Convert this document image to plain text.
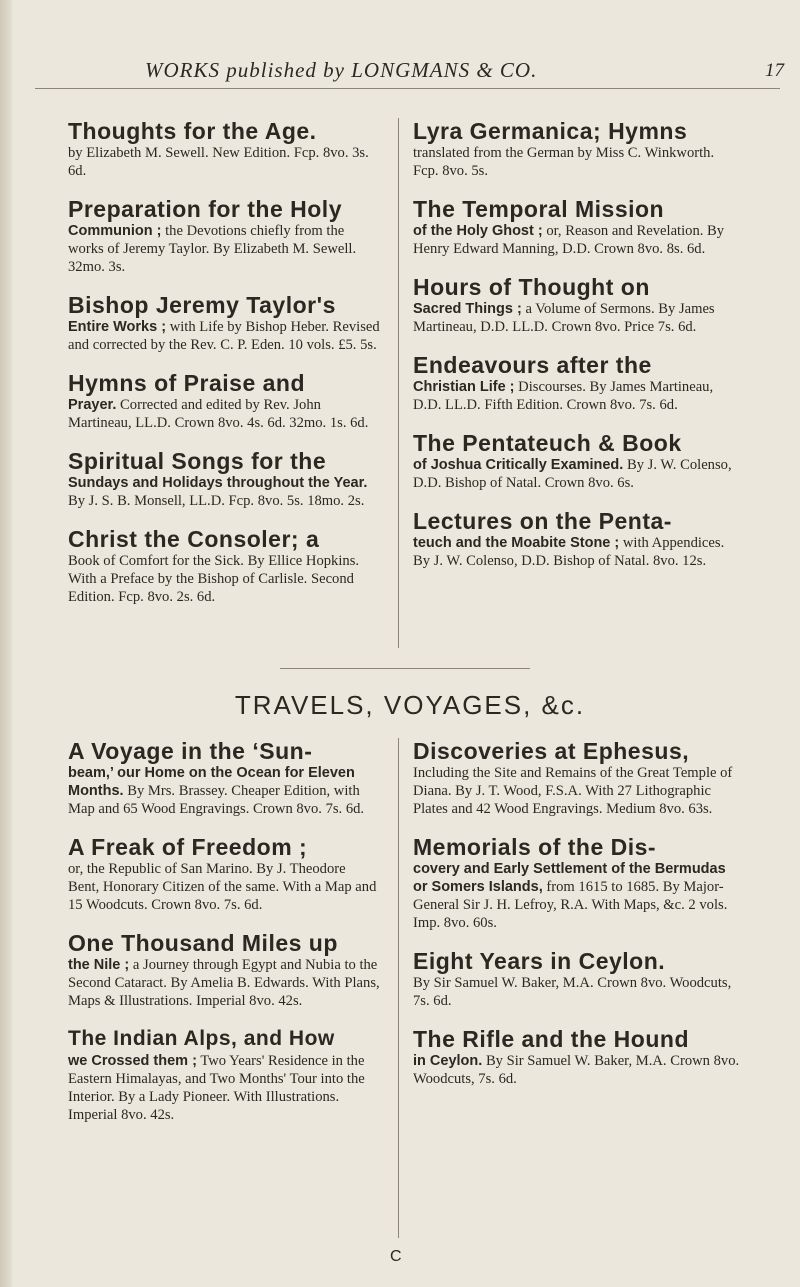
WORKS published by LONGMANS & CO.	17
Thoughts for the Age.
by Elizabeth M. Sewell. New Edition. Fcp. 8vo. 3s. 6d.
Preparation for the Holy
Communion ; the Devotions chiefly from the works of Jeremy Taylor. By Elizabeth M. Sewell. 32mo. 3s.
Bishop Jeremy Taylor's
Entire Works ; with Life by Bishop Heber. Revised and corrected by the Rev. C. P. Eden. 10 vols. £5. 5s.
Hymns of Praise and
Prayer. Corrected and edited by Rev. John Martineau, LL.D. Crown 8vo. 4s. 6d. 32mo. 1s. 6d.
Spiritual Songs for the
Sundays and Holidays throughout the Year. By J. S. B. Monsell, LL.D. Fcp. 8vo. 5s. 18mo. 2s.
Christ the Consoler; a
Book of Comfort for the Sick. By Ellice Hopkins. With a Preface by the Bishop of Carlisle. Second Edition. Fcp. 8vo. 2s. 6d.
Lyra Germanica; Hymns
translated from the German by Miss C. Winkworth. Fcp. 8vo. 5s.
The Temporal Mission
of the Holy Ghost ; or, Reason and Revelation. By Henry Edward Manning, D.D. Crown 8vo. 8s. 6d.
Hours of Thought on
Sacred Things ; a Volume of Sermons. By James Martineau, D.D. LL.D. Crown 8vo. Price 7s. 6d.
Endeavours after the
Christian Life ; Discourses. By James Martineau, D.D. LL.D. Fifth Edition. Crown 8vo. 7s. 6d.
The Pentateuch & Book
of Joshua Critically Examined. By J. W. Colenso, D.D. Bishop of Natal. Crown 8vo. 6s.
Lectures on the Penta-
teuch and the Moabite Stone ; with Appendices. By J. W. Colenso, D.D. Bishop of Natal. 8vo. 12s.
TRAVELS, VOYAGES, &c.
A Voyage in the ‘Sun-
beam,’ our Home on the Ocean for Eleven Months. By Mrs. Brassey. Cheaper Edition, with Map and 65 Wood Engravings. Crown 8vo. 7s. 6d.
A Freak of Freedom ;
or, the Republic of San Marino. By J. Theodore Bent, Honorary Citizen of the same. With a Map and 15 Woodcuts. Crown 8vo. 7s. 6d.
One Thousand Miles up
the Nile ; a Journey through Egypt and Nubia to the Second Cataract. By Amelia B. Edwards. With Plans, Maps & Illustrations. Imperial 8vo. 42s.
The Indian Alps, and How
we Crossed them ; Two Years' Residence in the Eastern Himalayas, and Two Months' Tour into the Interior. By a Lady Pioneer. With Illustrations. Imperial 8vo. 42s.
Discoveries at Ephesus,
Including the Site and Remains of the Great Temple of Diana. By J. T. Wood, F.S.A. With 27 Lithographic Plates and 42 Wood Engravings. Medium 8vo. 63s.
Memorials of the Dis-
covery and Early Settlement of the Bermudas or Somers Islands, from 1615 to 1685. By Major-General Sir J. H. Lefroy, R.A. With Maps, &c. 2 vols. Imp. 8vo. 60s.
Eight Years in Ceylon.
By Sir Samuel W. Baker, M.A. Crown 8vo. Woodcuts, 7s. 6d.
The Rifle and the Hound
in Ceylon. By Sir Samuel W. Baker, M.A. Crown 8vo. Woodcuts, 7s. 6d.
C
